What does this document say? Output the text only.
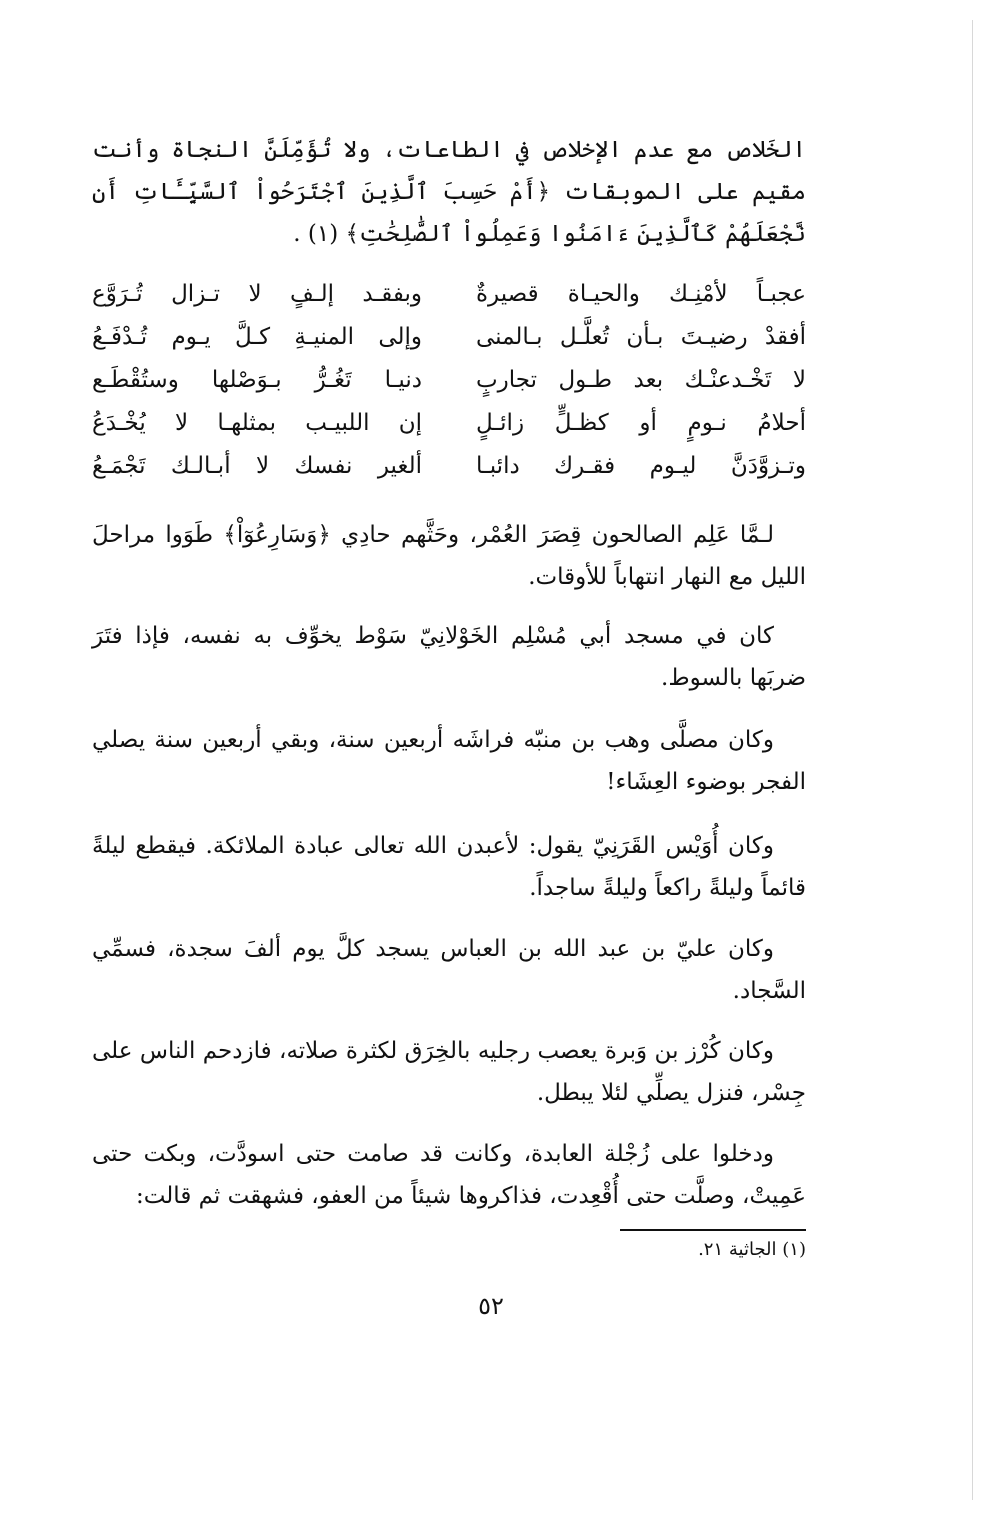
الخَلاص مع عدم الإخلاص في الطاعات، ولا تُؤَمِّلَنَّ النجاة وأنت مقيم على الموبقات ﴿أَمْ حَسِبَ ٱلَّذِينَ ٱجْتَرَحُواْ ٱلسَّيِّـَٔاتِ أَن نَّجْعَلَهُمْ كَٱلَّذِينَ ءَامَنُوا وَعَمِلُواْ ٱلصَّٰلِحَٰتِ﴾ (١) .

عجبـاً لأمْنِـك والحيـاة قصيرةٌ
وبفقـد إلـفٍ لا تـزال تُـرَوَّع
أفقدْ رضيـتَ بـأن تُعلَّـل بـالمنى
وإلى المنيـةِ كـلَّ يـوم تُـدْفَـعُ
لا تَخْـدعنْـك بعد طـول تجاربٍ
دنيـا تَغُـرُّ بـوَصْلها وستُقْطَـع
أحلامُ نـومٍ أو كظـلٍّ زائـلٍ
إن اللبيـب بمثلهـا لا يُخْـدَعُ
وتـزوَّدَنَّ ليـوم فقـرك دائبـا
ألغير نفسك لا أبـالـك تَجْمَـعُ

لـمَّا عَلِم الصالحون قِصَرَ العُمْر، وحَثَّهم حادِي ﴿وَسَارِعُوٓاْ﴾ طَوَوا مراحلَ الليل مع النهار انتهاباً للأوقات.

كان في مسجد أبي مُسْلِم الخَوْلانِيّ سَوْط يخوِّف به نفسه، فإذا فتَرَ ضربَها بالسوط.

وكان مصلَّى وهب بن منبّه فراشَه أربعين سنة، وبقي أربعين سنة يصلي الفجر بوضوء العِشَاء!

وكان أُوَيْس القَرَنِيّ يقول: لأعبدن الله تعالى عبادة الملائكة. فيقطع ليلةً قائماً وليلةً راكعاً وليلةً ساجداً.

وكان عليّ بن عبد الله بن العباس يسجد كلَّ يوم ألفَ سجدة، فسمِّي السَّجاد.

وكان كُرْز بن وَبرة يعصب رجليه بالخِرَق لكثرة صلاته، فازدحم الناس على جِسْر، فنزل يصلِّي لئلا يبطل.

ودخلوا على زُجْلة العابدة، وكانت قد صامت حتى اسودَّت، وبكت حتى عَمِيتْ، وصلَّت حتى أُقْعِدت، فذاكروها شيئاً من العفو، فشهقت ثم قالت:

(١) الجاثية ٢١.
٥٢
